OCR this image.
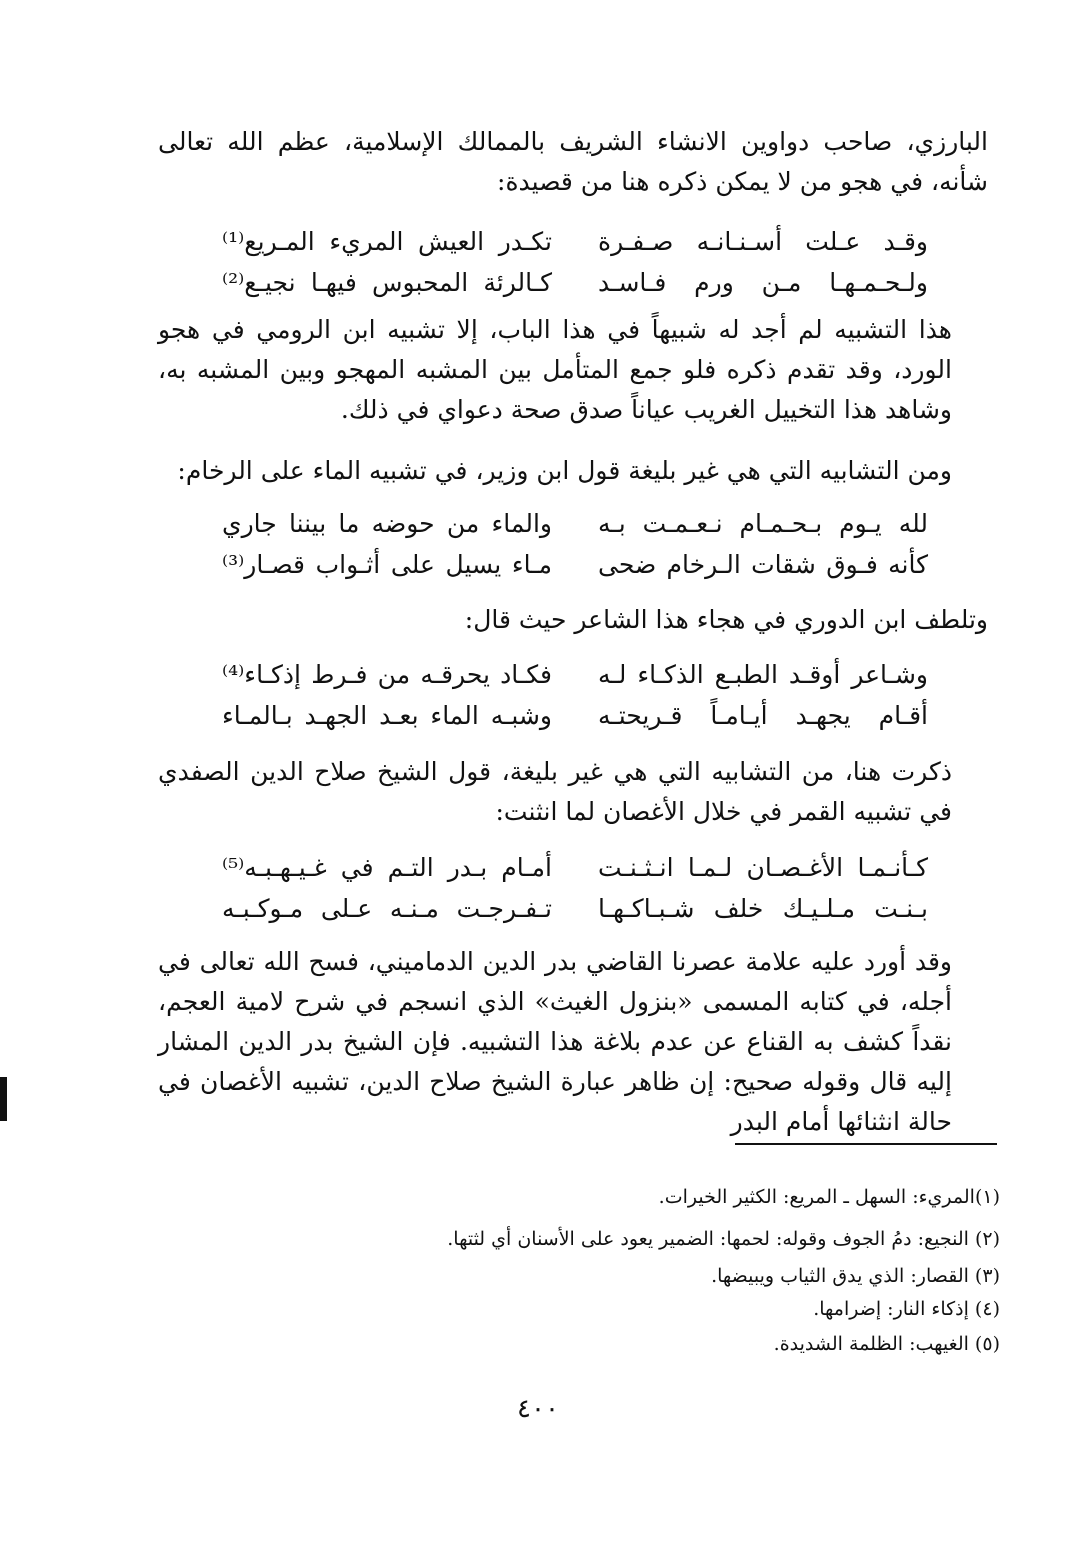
البارزي، صاحب دواوين الانشاء الشريف بالممالك الإسلامية، عظم الله تعالى شأنه، في هجو من لا يمكن ذكره هنا من قصيدة:

وقـد عـلت أسـنـانـه صـفـرة
تكـدر العيش المريء المـريع⁽¹⁾
ولـحـمـهـا مـن ورم فـاسـد
كـالرئة المحبوس فيهـا نجيـع⁽²⁾

هذا التشبيه لم أجد له شبيهاً في هذا الباب، إلا تشبيه ابن الرومي في هجو الورد، وقد تقدم ذكره فلو جمع المتأمل بين المشبه المهجو وبين المشبه به، وشاهد هذا التخييل الغريب عياناً صدق صحة دعواي في ذلك.

ومن التشابيه التي هي غير بليغة قول ابن وزير، في تشبيه الماء على الرخام:

لله يـوم بـحـمـام نـعـمـت بـه
والماء من حوضه ما بيننا جاري
كأنه فـوق شقات الـرخام ضحى
مـاء يسيل على أثـواب قصـار⁽³⁾

وتلطف ابن الدوري في هجاء هذا الشاعر حيث قال:

وشـاعر أوقـد الطبـع الذكـاء لـه
فكـاد يحرقـه من فـرط إذكـاء⁽⁴⁾
أقـام يجهـد أيـامـاً قـريحتـه
وشبـه الماء بعـد الجهـد بـالمـاء

ذكرت هنا، من التشابيه التي هي غير بليغة، قول الشيخ صلاح الدين الصفدي في تشبيه القمر في خلال الأغصان لما انثنت:

كـأنـمـا الأغـصـان لـمـا انـثـنـت
أمـام بـدر التـم في غـيـهـبـه⁽⁵⁾
بـنـت مـلـيـك خلف شـبـاكـهـا
تـفـرجـت مـنـه عـلى مـوكـبـه

وقد أورد عليه علامة عصرنا القاضي بدر الدين الدماميني، فسح الله تعالى في أجله، في كتابه المسمى «بنزول الغيث» الذي انسجم في شرح لامية العجم، نقداً كشف به القناع عن عدم بلاغة هذا التشبيه. فإن الشيخ بدر الدين المشار إليه قال وقوله صحيح: إن ظاهر عبارة الشيخ صلاح الدين، تشبيه الأغصان في حالة انثنائها أمام البدر

(١)المريء: السهل ـ المريع: الكثير الخيرات.
(٢) النجيع: دمُ الجوف وقوله: لحمها: الضمير يعود على الأسنان أي لثتها.
(٣) القصار: الذي يدق الثياب ويبيضها.
(٤) إذكاء النار: إضرامها.
(٥) الغيهب: الظلمة الشديدة.
٤٠٠
